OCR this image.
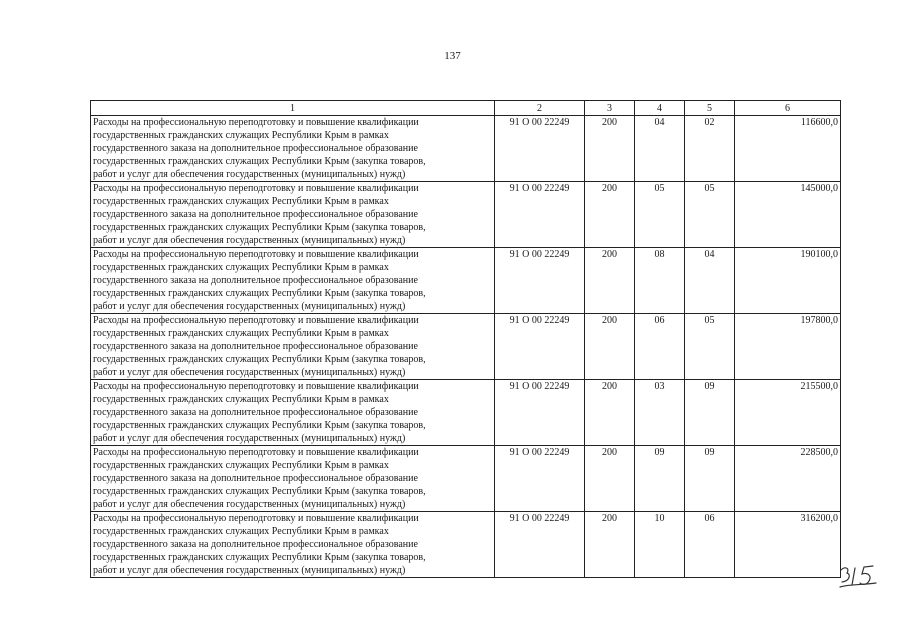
137
1	2	3	4	5	6
Расходы на профессиональную переподготовку и повышение квалификации
государственных гражданских служащих Республики Крым в рамках
государственного заказа на дополнительное профессиональное образование
государственных гражданских служащих Республики Крым (закупка товаров,
работ и услуг для обеспечения государственных (муниципальных) нужд)	91 О 00 22249	200	04	02	116600,0
Расходы на профессиональную переподготовку и повышение квалификации
государственных гражданских служащих Республики Крым в рамках
государственного заказа на дополнительное профессиональное образование
государственных гражданских служащих Республики Крым (закупка товаров,
работ и услуг для обеспечения государственных (муниципальных) нужд)	91 О 00 22249	200	05	05	145000,0
Расходы на профессиональную переподготовку и повышение квалификации
государственных гражданских служащих Республики Крым в рамках
государственного заказа на дополнительное профессиональное образование
государственных гражданских служащих Республики Крым (закупка товаров,
работ и услуг для обеспечения государственных (муниципальных) нужд)	91 О 00 22249	200	08	04	190100,0
Расходы на профессиональную переподготовку и повышение квалификации
государственных гражданских служащих Республики Крым в рамках
государственного заказа на дополнительное профессиональное образование
государственных гражданских служащих Республики Крым (закупка товаров,
работ и услуг для обеспечения государственных (муниципальных) нужд)	91 О 00 22249	200	06	05	197800,0
Расходы на профессиональную переподготовку и повышение квалификации
государственных гражданских служащих Республики Крым в рамках
государственного заказа на дополнительное профессиональное образование
государственных гражданских служащих Республики Крым (закупка товаров,
работ и услуг для обеспечения государственных (муниципальных) нужд)	91 О 00 22249	200	03	09	215500,0
Расходы на профессиональную переподготовку и повышение квалификации
государственных гражданских служащих Республики Крым в рамках
государственного заказа на дополнительное профессиональное образование
государственных гражданских служащих Республики Крым (закупка товаров,
работ и услуг для обеспечения государственных (муниципальных) нужд)	91 О 00 22249	200	09	09	228500,0
Расходы на профессиональную переподготовку и повышение квалификации
государственных гражданских служащих Республики Крым в рамках
государственного заказа на дополнительное профессиональное образование
государственных гражданских служащих Республики Крым (закупка товаров,
работ и услуг для обеспечения государственных (муниципальных) нужд)	91 О 00 22249	200	10	06	316200,0
